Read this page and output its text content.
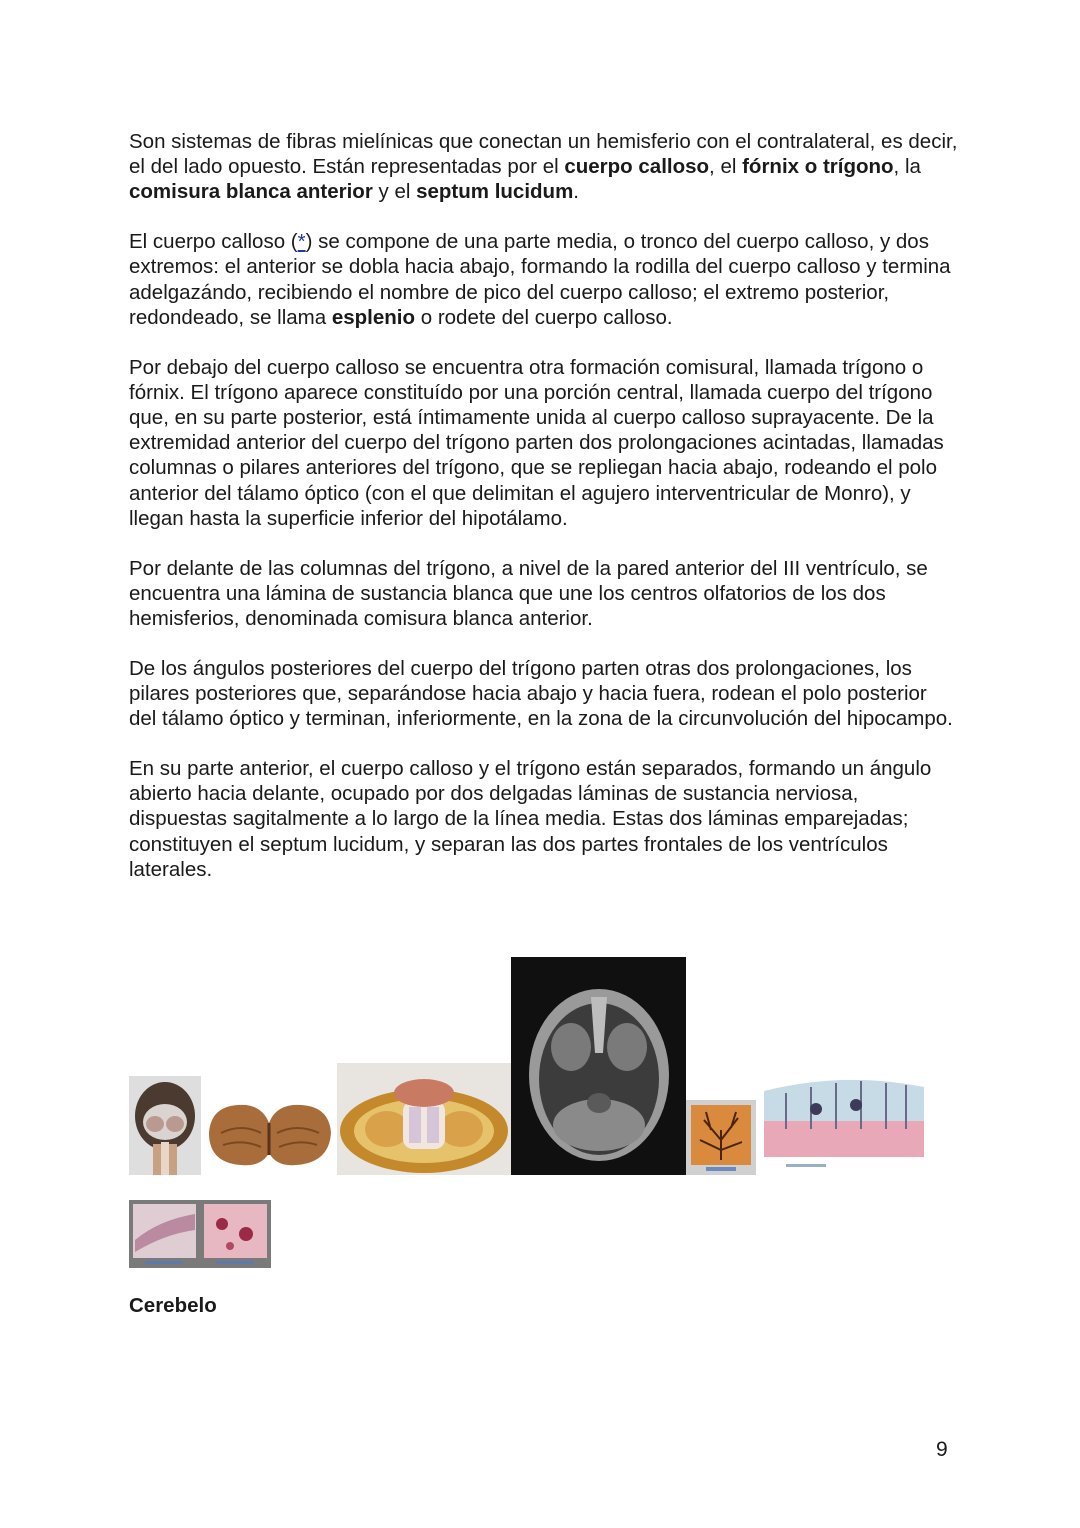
Son sistemas de fibras mielínicas que conectan un hemisferio con el contralateral, es decir, el del lado opuesto. Están representadas por el cuerpo calloso, el fórnix o trígono, la comisura blanca anterior y el septum lucidum.

El cuerpo calloso (*) se compone de una parte media, o tronco del cuerpo calloso, y dos extremos: el anterior se dobla hacia abajo, formando la rodilla del cuerpo calloso y termina adelgazándo, recibiendo el nombre de pico del cuerpo calloso; el extremo posterior, redondeado, se llama esplenio o rodete del cuerpo calloso.

Por debajo del cuerpo calloso se encuentra otra formación comisural, llamada trígono o fórnix. El trígono aparece constituído por una porción central, llamada cuerpo del trígono que, en su parte posterior, está íntimamente unida al cuerpo calloso suprayacente. De la extremidad anterior del cuerpo del trígono parten dos prolongaciones acintadas, llamadas columnas o pilares anteriores del trígono, que se repliegan hacia abajo, rodeando el polo anterior del tálamo óptico (con el que delimitan el agujero interventricular de Monro), y llegan hasta la superficie inferior del hipotálamo.

Por delante de las columnas del trígono, a nivel de la pared anterior del III ventrículo, se encuentra una lámina de sustancia blanca que une los centros olfatorios de los dos hemisferios, denominada comisura blanca anterior.

De los ángulos posteriores del cuerpo del trígono parten otras dos prolongaciones, los pilares posteriores que, separándose hacia abajo y hacia fuera, rodean el polo posterior del tálamo óptico y terminan, inferiormente, en la zona de la circunvolución del hipocampo.

En su parte anterior, el cuerpo calloso y el trígono están separados, formando un ángulo abierto hacia delante, ocupado por dos delgadas láminas de sustancia nerviosa, dispuestas sagitalmente a lo largo de la línea media. Estas dos láminas emparejadas; constituyen el septum lucidum, y separan las dos partes frontales de los ventrículos laterales.

Cerebelo
9
